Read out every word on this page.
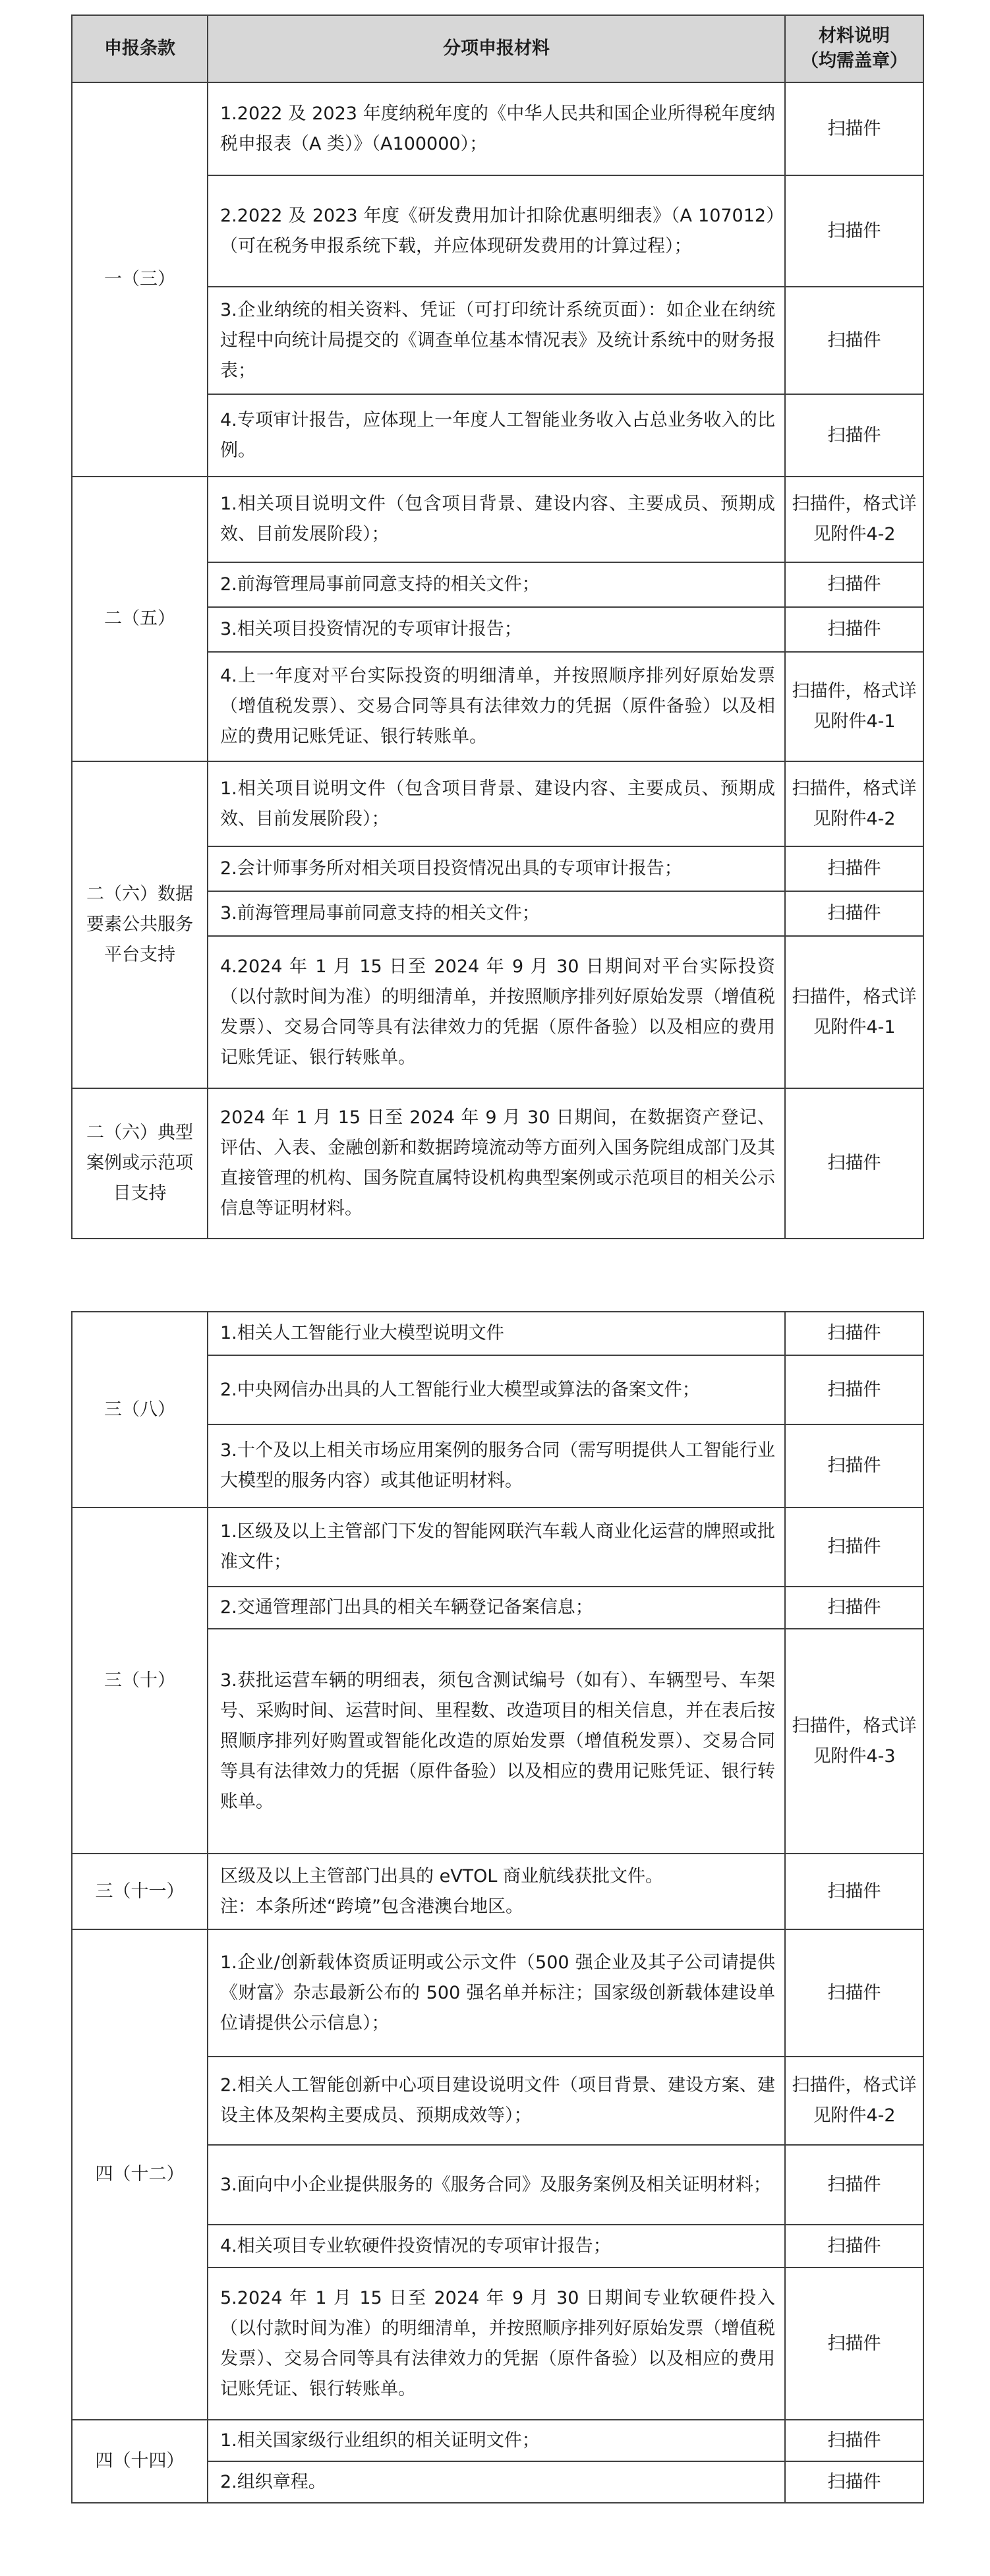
申报条款	分项申报材料	材料说明
（均需盖章）
一（三）	1.2022 及 2023 年度纳税年度的《中华人民共和国企业所得税年度纳税申报表（A 类）》（A100000）；	扫描件
	2.2022 及 2023 年度《研发费用加计扣除优惠明细表》（A 107012）（可在税务申报系统下载，并应体现研发费用的计算过程）；	扫描件
	3.企业纳统的相关资料、凭证（可打印统计系统页面）：如企业在纳统过程中向统计局提交的《调查单位基本情况表》及统计系统中的财务报表；	扫描件
	4.专项审计报告，应体现上一年度人工智能业务收入占总业务收入的比例。	扫描件
二（五）	1.相关项目说明文件（包含项目背景、建设内容、主要成员、预期成效、目前发展阶段）；	扫描件，格式详见附件4-2
	2.前海管理局事前同意支持的相关文件；	扫描件
	3.相关项目投资情况的专项审计报告；	扫描件
	4.上一年度对平台实际投资的明细清单，并按照顺序排列好原始发票（增值税发票）、交易合同等具有法律效力的凭据（原件备验）以及相应的费用记账凭证、银行转账单。	扫描件，格式详见附件4-1
二（六）数据要素公共服务平台支持	1.相关项目说明文件（包含项目背景、建设内容、主要成员、预期成效、目前发展阶段）；	扫描件，格式详见附件4-2
	2.会计师事务所对相关项目投资情况出具的专项审计报告；	扫描件
	3.前海管理局事前同意支持的相关文件；	扫描件
	4.2024 年 1 月 15 日至 2024 年 9 月 30 日期间对平台实际投资（以付款时间为准）的明细清单，并按照顺序排列好原始发票（增值税发票）、交易合同等具有法律效力的凭据（原件备验）以及相应的费用记账凭证、银行转账单。	扫描件，格式详见附件4-1
二（六）典型案例或示范项目支持	2024 年 1 月 15 日至 2024 年 9 月 30 日期间，在数据资产登记、评估、入表、金融创新和数据跨境流动等方面列入国务院组成部门及其直接管理的机构、国务院直属特设机构典型案例或示范项目的相关公示信息等证明材料。	扫描件
三（八）	1.相关人工智能行业大模型说明文件	扫描件
	2.中央网信办出具的人工智能行业大模型或算法的备案文件；	扫描件
	3.十个及以上相关市场应用案例的服务合同（需写明提供人工智能行业大模型的服务内容）或其他证明材料。	扫描件
三（十）	1.区级及以上主管部门下发的智能网联汽车载人商业化运营的牌照或批准文件；	扫描件
	2.交通管理部门出具的相关车辆登记备案信息；	扫描件
	3.获批运营车辆的明细表，须包含测试编号（如有）、车辆型号、车架号、采购时间、运营时间、里程数、改造项目的相关信息，并在表后按照顺序排列好购置或智能化改造的原始发票（增值税发票）、交易合同等具有法律效力的凭据（原件备验）以及相应的费用记账凭证、银行转账单。	扫描件，格式详见附件4-3
三（十一）	区级及以上主管部门出具的 eVTOL 商业航线获批文件。
注：本条所述“跨境”包含港澳台地区。	扫描件
四（十二）	1.企业/创新载体资质证明或公示文件（500 强企业及其子公司请提供《财富》杂志最新公布的 500 强名单并标注；国家级创新载体建设单位请提供公示信息）；	扫描件
	2.相关人工智能创新中心项目建设说明文件（项目背景、建设方案、建设主体及架构主要成员、预期成效等）；	扫描件，格式详见附件4-2
	3.面向中小企业提供服务的《服务合同》及服务案例及相关证明材料；	扫描件
	4.相关项目专业软硬件投资情况的专项审计报告；	扫描件
	5.2024 年 1 月 15 日至 2024 年 9 月 30 日期间专业软硬件投入（以付款时间为准）的明细清单，并按照顺序排列好原始发票（增值税发票）、交易合同等具有法律效力的凭据（原件备验）以及相应的费用记账凭证、银行转账单。	扫描件
四（十四）	1.相关国家级行业组织的相关证明文件；	扫描件
	2.组织章程。	扫描件
